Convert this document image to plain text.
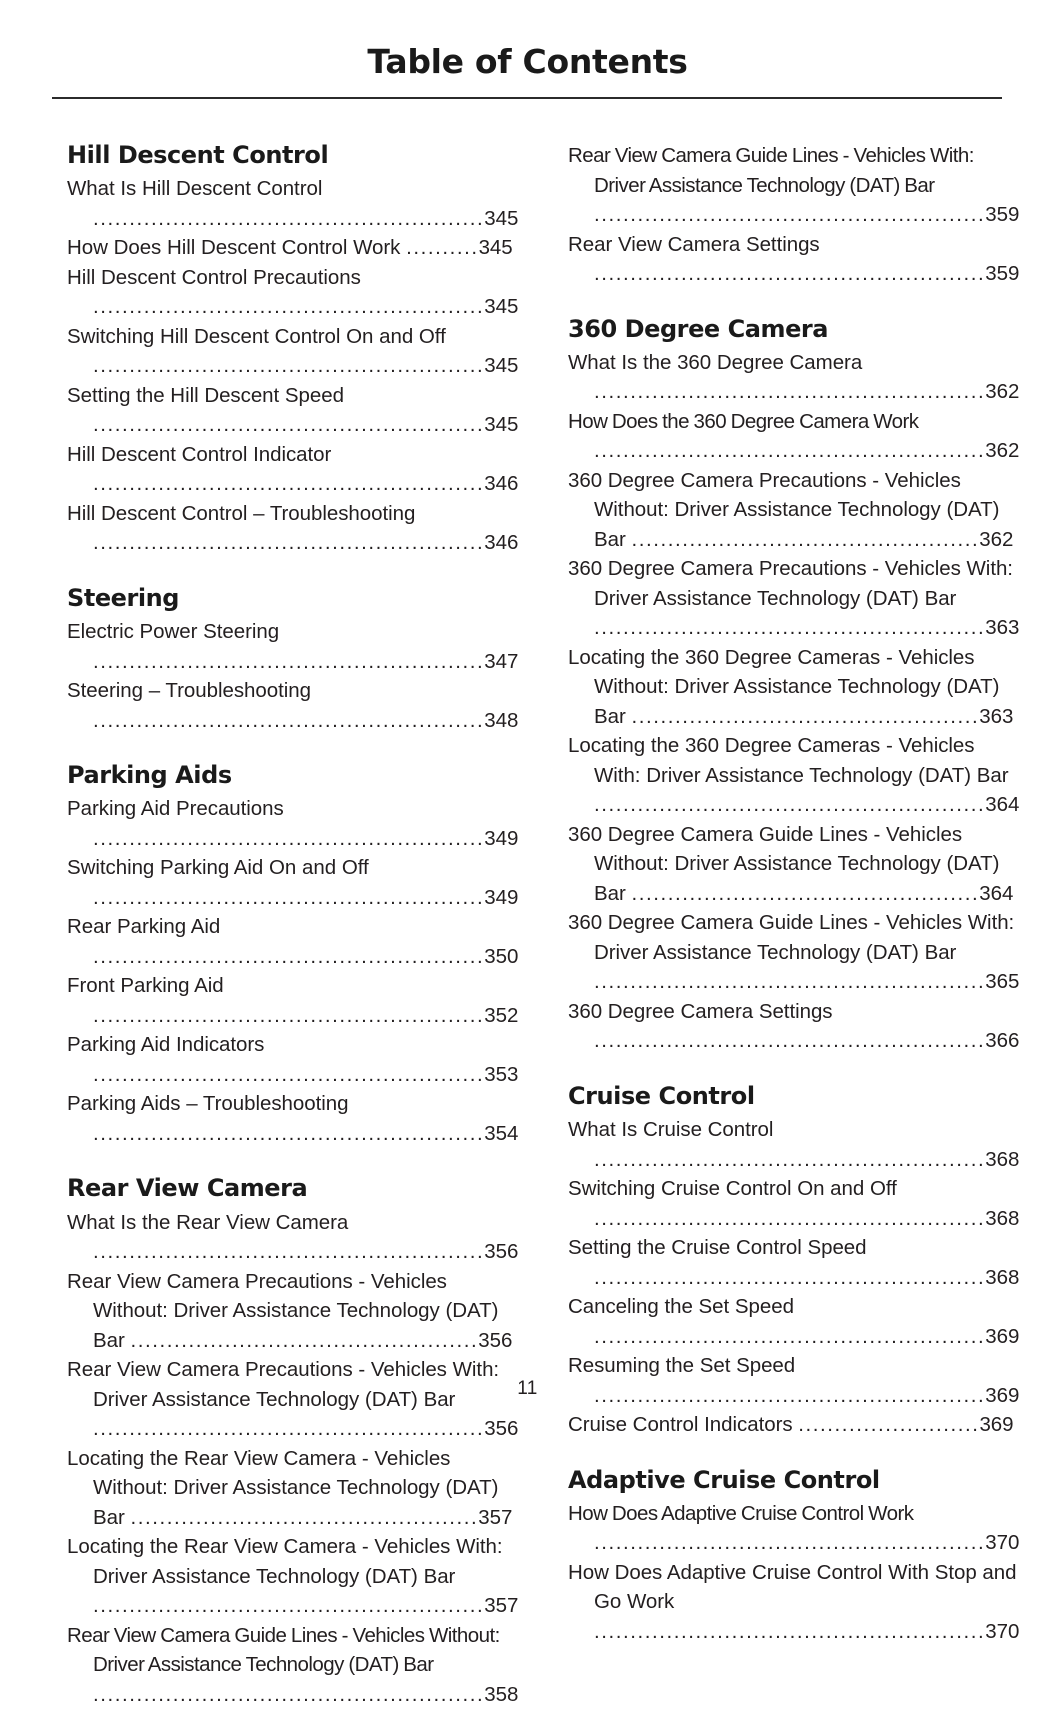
Table of Contents
Hill Descent Control
What Is Hill Descent Control ......................................................345
How Does Hill Descent Control Work ..........345
Hill Descent Control Precautions ......................................................345
Switching Hill Descent Control On and Off ......................................................345
Setting the Hill Descent Speed ......................................................345
Hill Descent Control Indicator ......................................................346
Hill Descent Control – Troubleshooting ......................................................346
Steering
Electric Power Steering ......................................................347
Steering – Troubleshooting ......................................................348
Parking Aids
Parking Aid Precautions ......................................................349
Switching Parking Aid On and Off ......................................................349
Rear Parking Aid ......................................................350
Front Parking Aid ......................................................352
Parking Aid Indicators ......................................................353
Parking Aids – Troubleshooting ......................................................354
Rear View Camera
What Is the Rear View Camera ......................................................356
Rear View Camera Precautions - Vehicles Without: Driver Assistance Technology (DAT) Bar ................................................356
Rear View Camera Precautions - Vehicles With: Driver Assistance Technology (DAT) Bar ......................................................356
Locating the Rear View Camera - Vehicles Without: Driver Assistance Technology (DAT) Bar ................................................357
Locating the Rear View Camera - Vehicles With: Driver Assistance Technology (DAT) Bar ......................................................357
Rear View Camera Guide Lines - Vehicles Without: Driver Assistance Technology (DAT) Bar ......................................................358
Rear View Camera Guide Lines - Vehicles With: Driver Assistance Technology (DAT) Bar ......................................................359
Rear View Camera Settings ......................................................359
360 Degree Camera
What Is the 360 Degree Camera ......................................................362
How Does the 360 Degree Camera Work ......................................................362
360 Degree Camera Precautions - Vehicles Without: Driver Assistance Technology (DAT) Bar ................................................362
360 Degree Camera Precautions - Vehicles With: Driver Assistance Technology (DAT) Bar ......................................................363
Locating the 360 Degree Cameras - Vehicles Without: Driver Assistance Technology (DAT) Bar ................................................363
Locating the 360 Degree Cameras - Vehicles With: Driver Assistance Technology (DAT) Bar ......................................................364
360 Degree Camera Guide Lines - Vehicles Without: Driver Assistance Technology (DAT) Bar ................................................364
360 Degree Camera Guide Lines - Vehicles With: Driver Assistance Technology (DAT) Bar ......................................................365
360 Degree Camera Settings ......................................................366
Cruise Control
What Is Cruise Control ......................................................368
Switching Cruise Control On and Off ......................................................368
Setting the Cruise Control Speed ......................................................368
Canceling the Set Speed ......................................................369
Resuming the Set Speed ......................................................369
Cruise Control Indicators .........................369
Adaptive Cruise Control
How Does Adaptive Cruise Control Work ......................................................370
How Does Adaptive Cruise Control With Stop and Go Work ......................................................370
11
